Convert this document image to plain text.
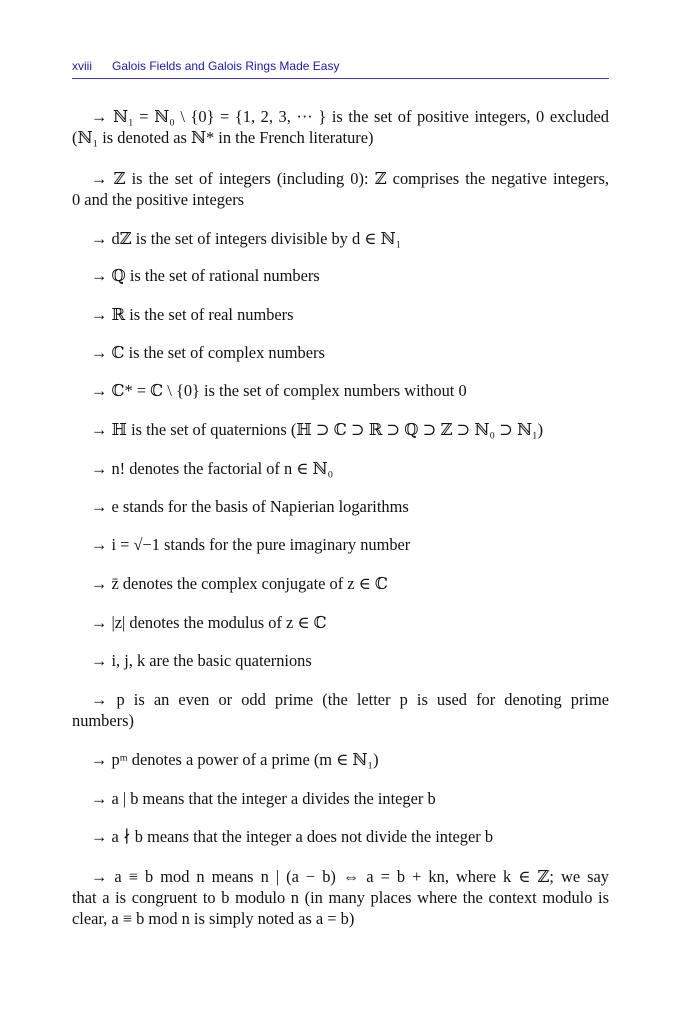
xviii Galois Fields and Galois Rings Made Easy
→ ℕ₁ = ℕ₀ \ {0} = {1, 2, 3, ··· } is the set of positive integers, 0 excluded
(ℕ₁ is denoted as ℕ* in the French literature)
→ ℤ is the set of integers (including 0): ℤ comprises the negative integers,
0 and the positive integers
→ dℤ is the set of integers divisible by d ∈ ℕ₁
→ ℚ is the set of rational numbers
→ ℝ is the set of real numbers
→ ℂ is the set of complex numbers
→ ℂ* = ℂ \ {0} is the set of complex numbers without 0
→ ℍ is the set of quaternions (ℍ ⊃ ℂ ⊃ ℝ ⊃ ℚ ⊃ ℤ ⊃ ℕ₀ ⊃ ℕ₁)
→ n! denotes the factorial of n ∈ ℕ₀
→ e stands for the basis of Napierian logarithms
→ i = √−1 stands for the pure imaginary number
→ z̄ denotes the complex conjugate of z ∈ ℂ
→ |z| denotes the modulus of z ∈ ℂ
→ i, j, k are the basic quaternions
→ p is an even or odd prime (the letter p is used for denoting prime
numbers)
→ pᵐ denotes a power of a prime (m ∈ ℕ₁)
→ a | b means that the integer a divides the integer b
→ a ∤ b means that the integer a does not divide the integer b
→ a ≡ b mod n means n | (a − b) ⇔ a = b + kn, where k ∈ ℤ; we say
that a is congruent to b modulo n (in many places where the context modulo is
clear, a ≡ b mod n is simply noted as a = b)
